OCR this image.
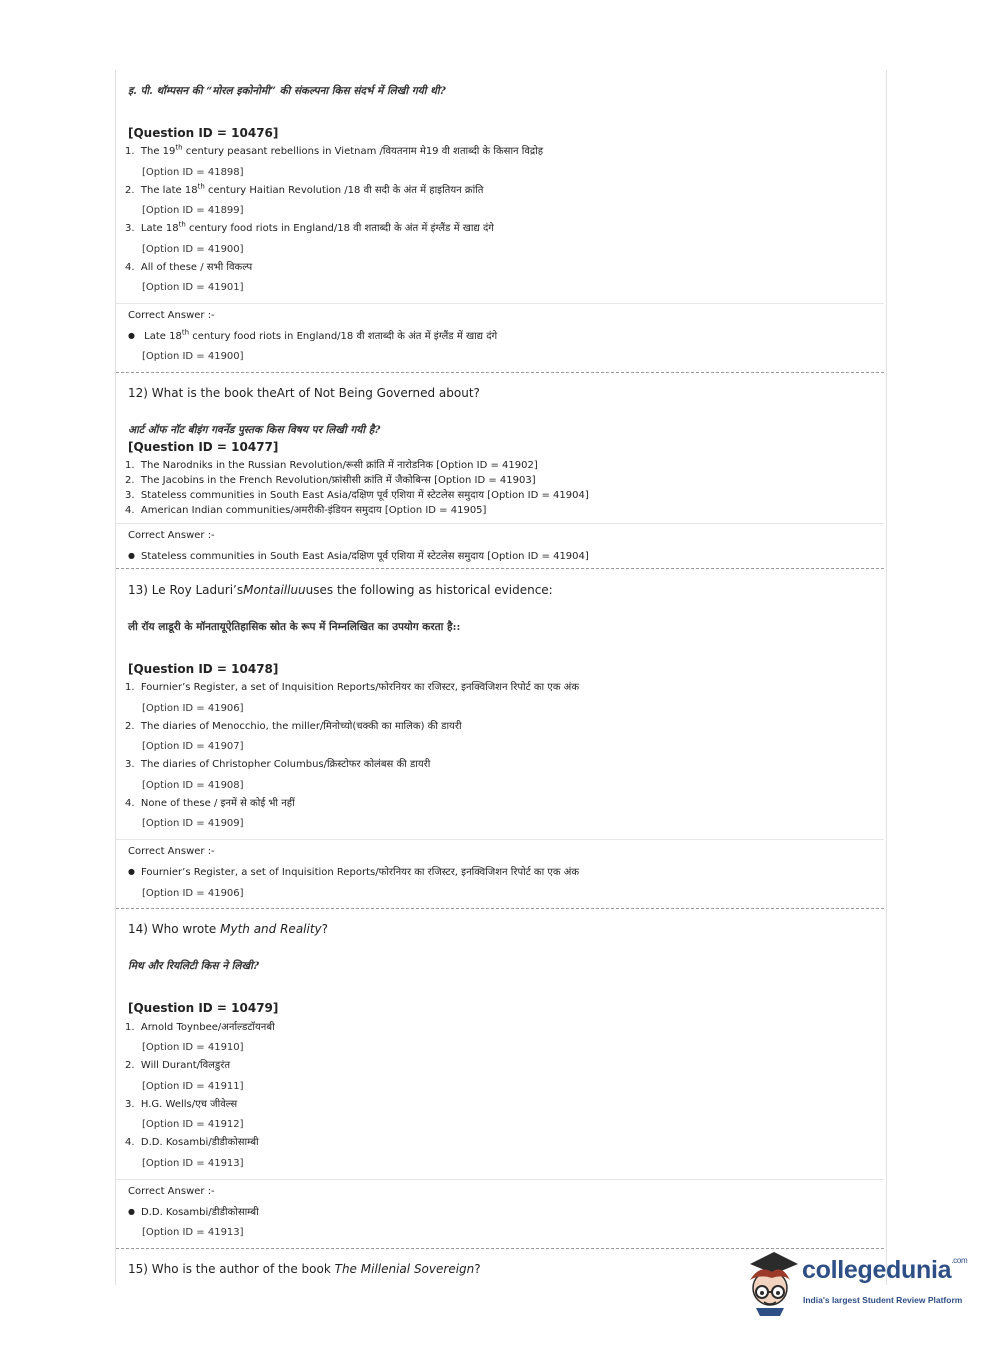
इ. पी. थॉम्पसन की “मोरल इकोनोमी” की संकल्पना किस संदर्भ में लिखी गयी थी?
[Question ID = 10476]
1. The 19th century peasant rebellions in Vietnam /वियतनाम मे19 वी शताब्दी के किसान विद्रोह
[Option ID = 41898]
2. The late 18th century Haitian Revolution /18 वी सदी के अंत में हाइतियन क्रांति
[Option ID = 41899]
3. Late 18th century food riots in England/18 वी शताब्दी के अंत में इंग्लैंड में खाद्य दंगे
[Option ID = 41900]
4. All of these / सभी विकल्प
[Option ID = 41901]
Correct Answer :-
● Late 18th century food riots in England/18 वी शताब्दी के अंत में इंग्लैंड में खाद्य दंगे
[Option ID = 41900]
12) What is the book theArt of Not Being Governed about?
आर्ट ऑफ नॉट बीइंग गवर्नेड पुस्तक किस विषय पर लिखी गयी है?
[Question ID = 10477]
1. The Narodniks in the Russian Revolution/रूसी क्रांति में नारोडनिक [Option ID = 41902]
2. The Jacobins in the French Revolution/फ्रांसीसी क्रांति में जैकोबिन्स [Option ID = 41903]
3. Stateless communities in South East Asia/दक्षिण पूर्व एशिया में स्टेटलेस समुदाय [Option ID = 41904]
4. American Indian communities/अमरीकी-इंडियन समुदाय [Option ID = 41905]
Correct Answer :-
● Stateless communities in South East Asia/दक्षिण पूर्व एशिया में स्टेटलेस समुदाय [Option ID = 41904]
13) Le Roy Laduri’sMontailluuuses the following as historical evidence:
ली रॉय लाडूरी के मॉनतायूऐतिहासिक स्रोत के रूप में निम्नलिखित का उपयोग करता है::
[Question ID = 10478]
1. Fournier’s Register, a set of Inquisition Reports/फोरनियर का रजिस्टर, इनक्विजिशन रिपोर्ट का एक अंक
[Option ID = 41906]
2. The diaries of Menocchio, the miller/मिनोच्यो(चक्की का मालिक) की डायरी
[Option ID = 41907]
3. The diaries of Christopher Columbus/क्रिस्टोफर कोलंबस की डायरी
[Option ID = 41908]
4. None of these / इनमें से कोई भी नहीं
[Option ID = 41909]
Correct Answer :-
● Fournier’s Register, a set of Inquisition Reports/फोरनियर का रजिस्टर, इनक्विजिशन रिपोर्ट का एक अंक
[Option ID = 41906]
14) Who wrote Myth and Reality?
मिथ और रियलिटी किस ने लिखी?
[Question ID = 10479]
1. Arnold Toynbee/अर्नाल्डटॉयनबी
[Option ID = 41910]
2. Will Durant/विलडुरंत
[Option ID = 41911]
3. H.G. Wells/एच जीवेल्स
[Option ID = 41912]
4. D.D. Kosambi/डीडीकोसाम्बी
[Option ID = 41913]
Correct Answer :-
● D.D. Kosambi/डीडीकोसाम्बी
[Option ID = 41913]
15) Who is the author of the book The Millenial Sovereign?	collegedunia$^{.com}$
India's largest Student Review Platform
